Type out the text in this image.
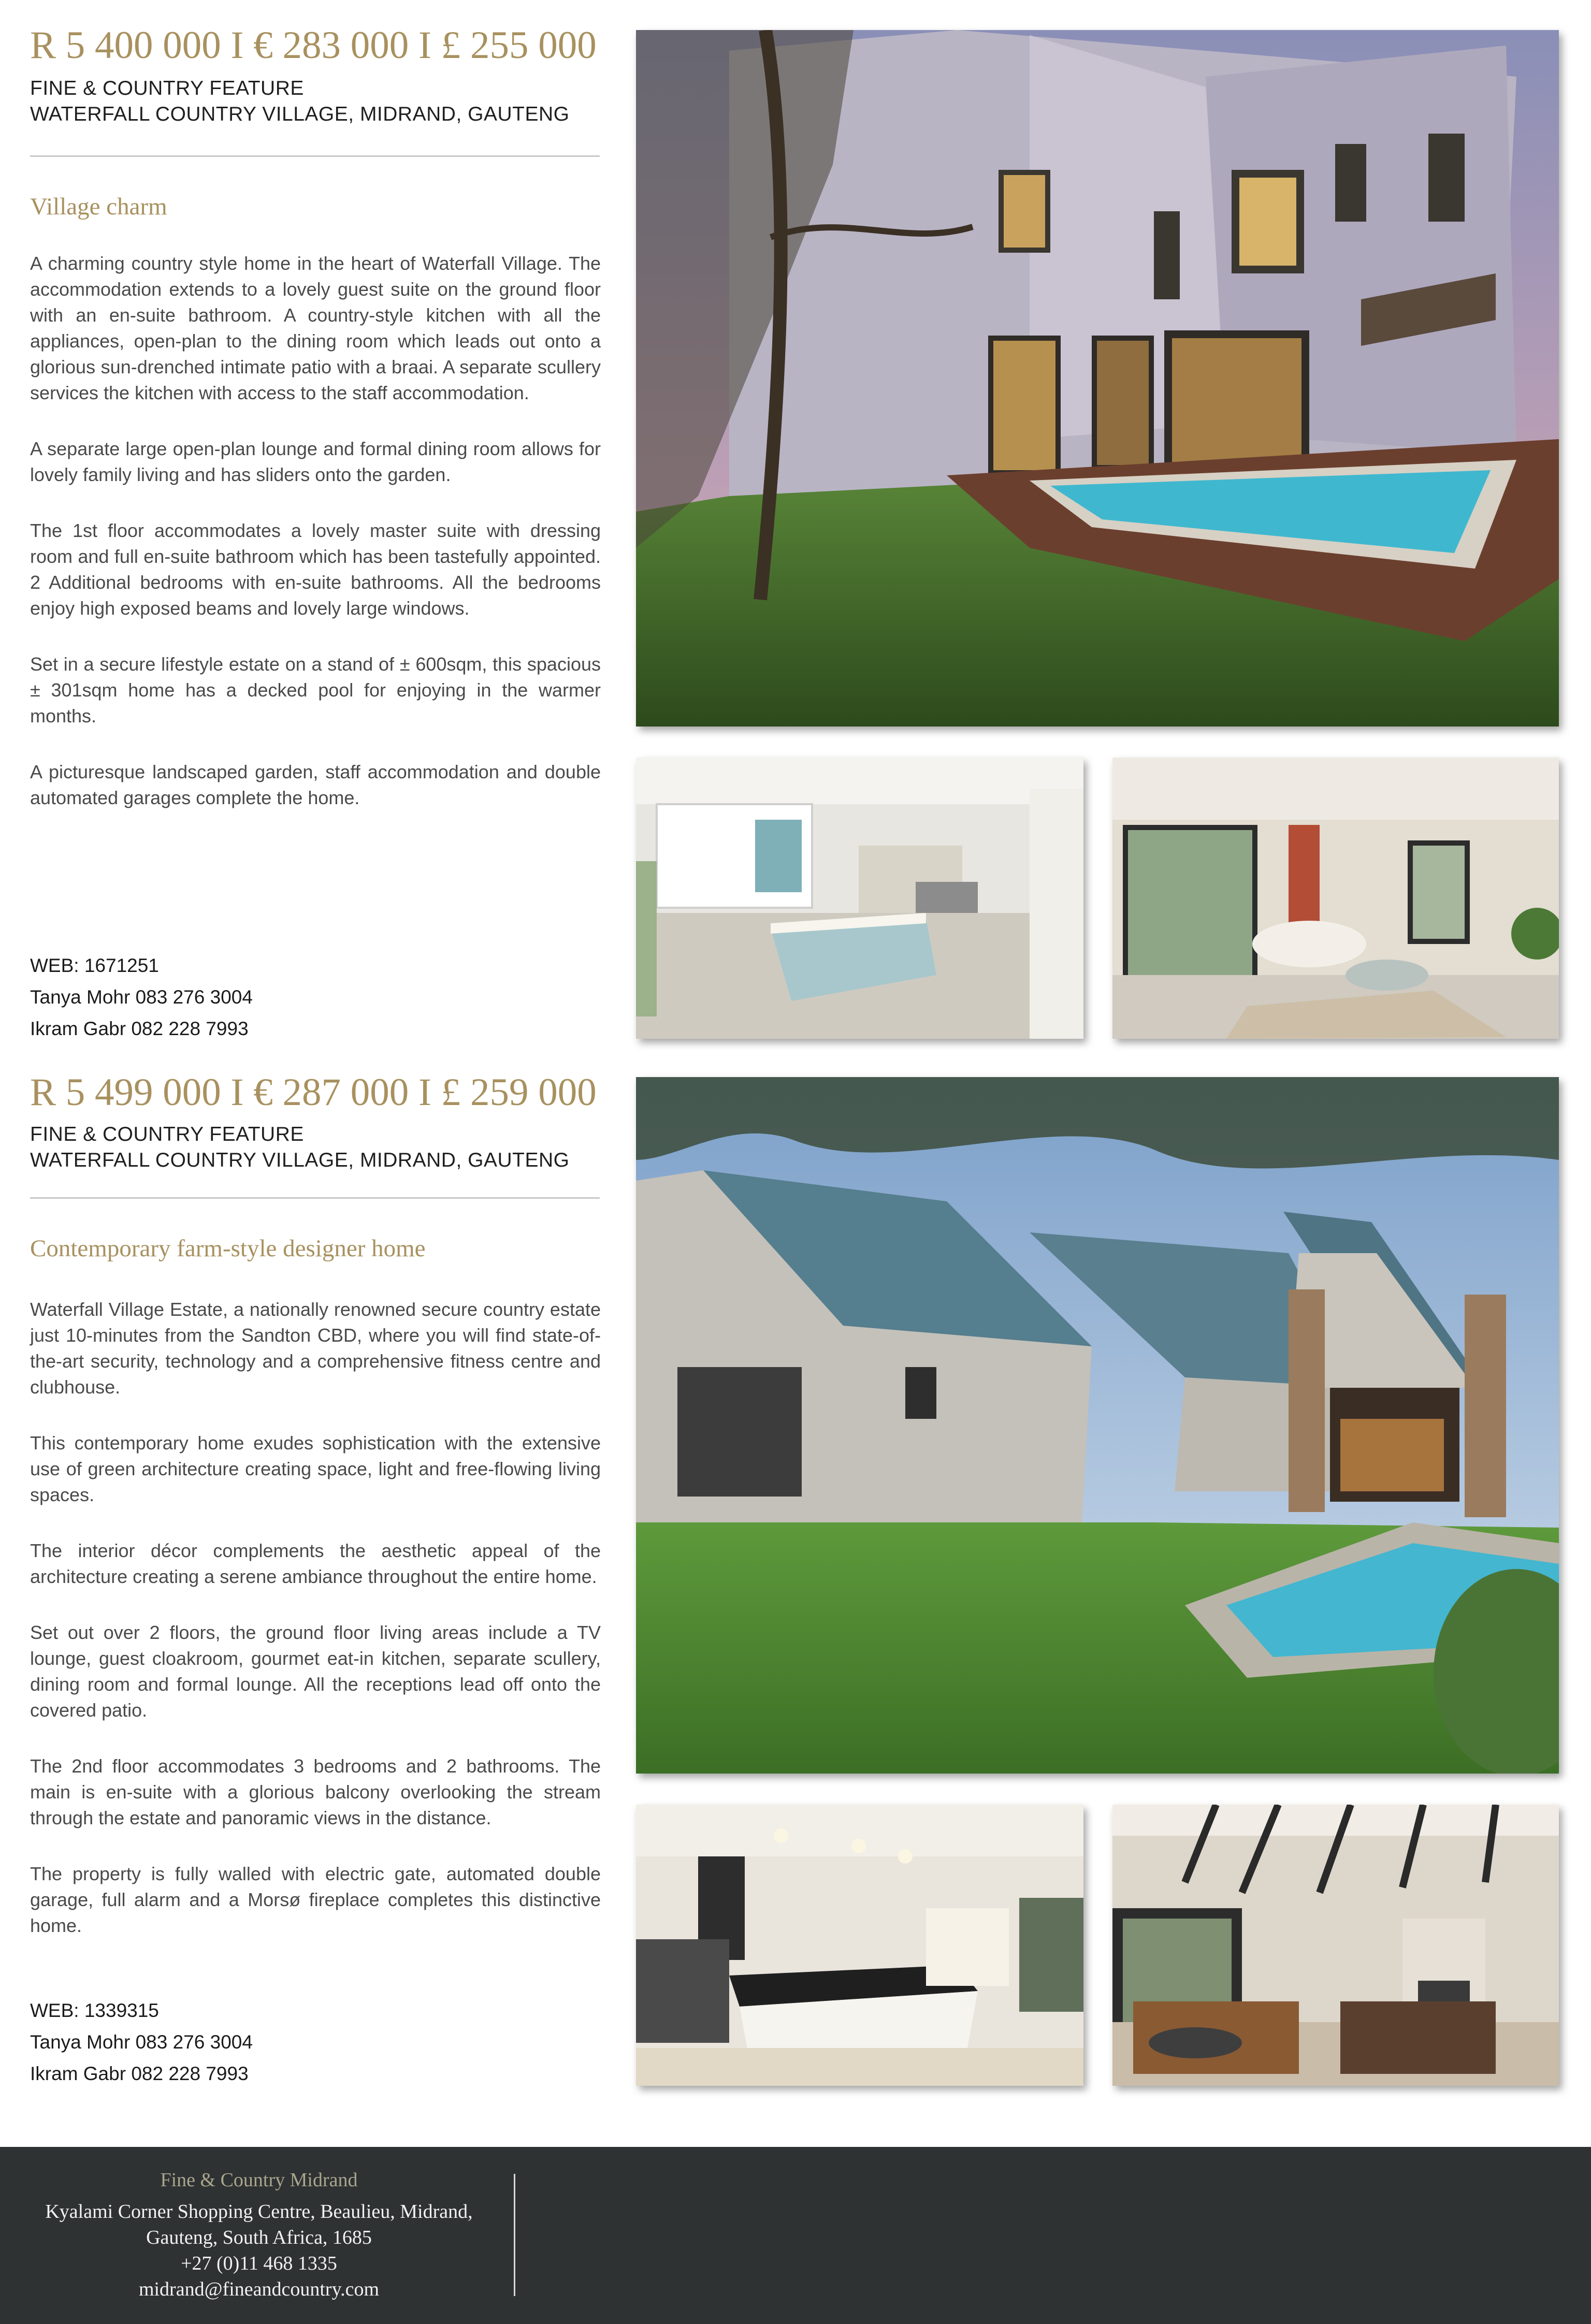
R 5 400 000 I € 283 000 I £ 255 000
FINE & COUNTRY FEATURE
WATERFALL COUNTRY VILLAGE, MIDRAND, GAUTENG
Village charm

A charming country style home in the heart of Waterfall Village. The accommodation extends to a lovely guest suite on the ground floor with an en-suite bathroom. A country-style kitchen with all the appliances, open-plan to the dining room which leads out onto a glorious sun-drenched intimate patio with a braai. A separate scullery services the kitchen with access to the staff accommodation.

A separate large open-plan lounge and formal dining room allows for lovely family living and has sliders onto the garden.

The 1st floor accommodates a lovely master suite with dressing room and full en-suite bathroom which has been tastefully appointed. 2 Additional bedrooms with en-suite bathrooms. All the bedrooms enjoy high exposed beams and lovely large windows.

Set in a secure lifestyle estate on a stand of ± 600sqm, this spacious ± 301sqm home has a decked pool for enjoying in the warmer months.

A picturesque landscaped garden, staff accommodation and double automated garages complete the home.

WEB: 1671251
Tanya Mohr 083 276 3004
Ikram Gabr 082 228 7993
R 5 499 000 I € 287 000 I £ 259 000
FINE & COUNTRY FEATURE
WATERFALL COUNTRY VILLAGE, MIDRAND, GAUTENG
Contemporary farm-style designer home

Waterfall Village Estate, a nationally renowned secure country estate just 10-minutes from the Sandton CBD, where you will find state-of-the-art security, technology and a comprehensive fitness centre and clubhouse.

This contemporary home exudes sophistication with the extensive use of green architecture creating space, light and free-flowing living spaces.

The interior décor complements the aesthetic appeal of the architecture creating a serene ambiance throughout the entire home.

Set out over 2 floors, the ground floor living areas include a TV lounge, guest cloakroom, gourmet eat-in kitchen, separate scullery, dining room and formal lounge. All the receptions lead off onto the covered patio.

The 2nd floor accommodates 3 bedrooms and 2 bathrooms. The main is en-suite with a glorious balcony overlooking the stream through the estate and panoramic views in the distance.

The property is fully walled with electric gate, automated double garage, full alarm and a Morsø fireplace completes this distinctive home.

WEB: 1339315
Tanya Mohr 083 276 3004
Ikram Gabr 082 228 7993
Fine & Country Midrand
Kyalami Corner Shopping Centre, Beaulieu, Midrand,
Gauteng, South Africa, 1685
+27 (0)11 468 1335
midrand@fineandcountry.com
